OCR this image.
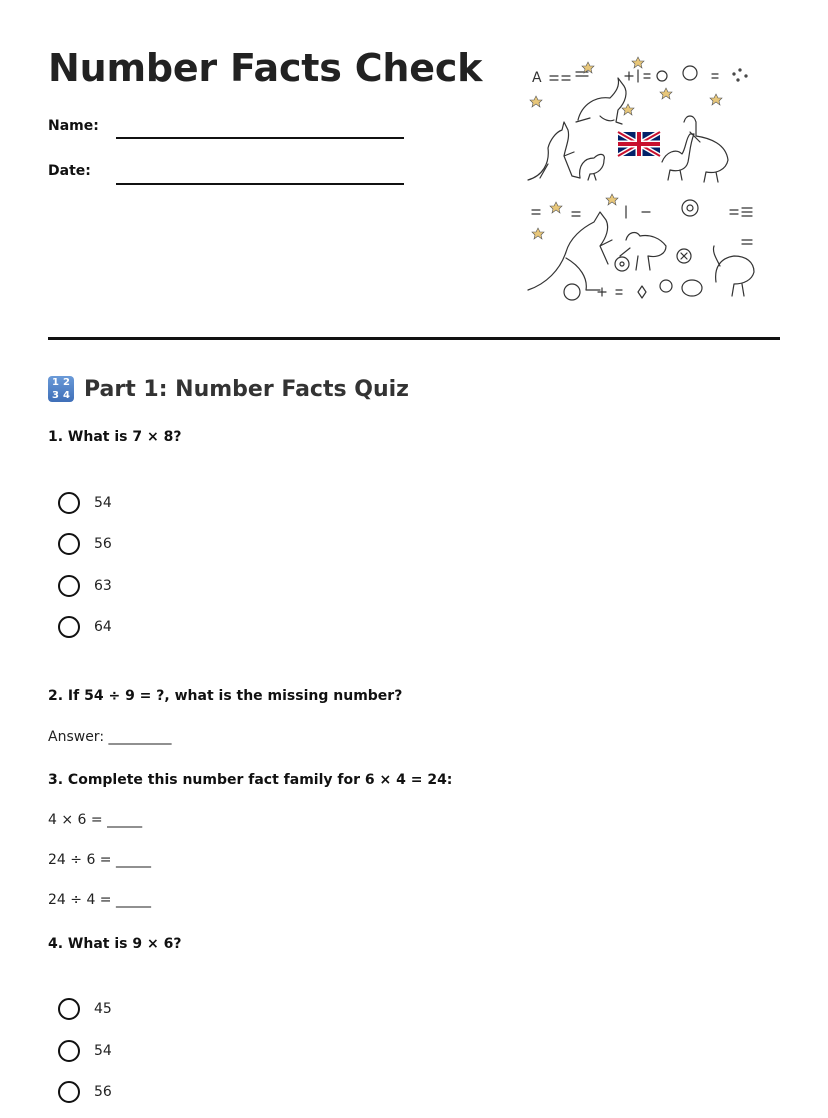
Number Facts Check
Name:
Date:
A
1 2
3 4 Part 1: Number Facts Quiz
1. What is 7 × 8?
54
56
63
64
2. If 54 ÷ 9 = ?, what is the missing number?
Answer: _________
3. Complete this number fact family for 6 × 4 = 24:
4 × 6 = _____
24 ÷ 6 = _____
24 ÷ 4 = _____
4. What is 9 × 6?
45
54
56
